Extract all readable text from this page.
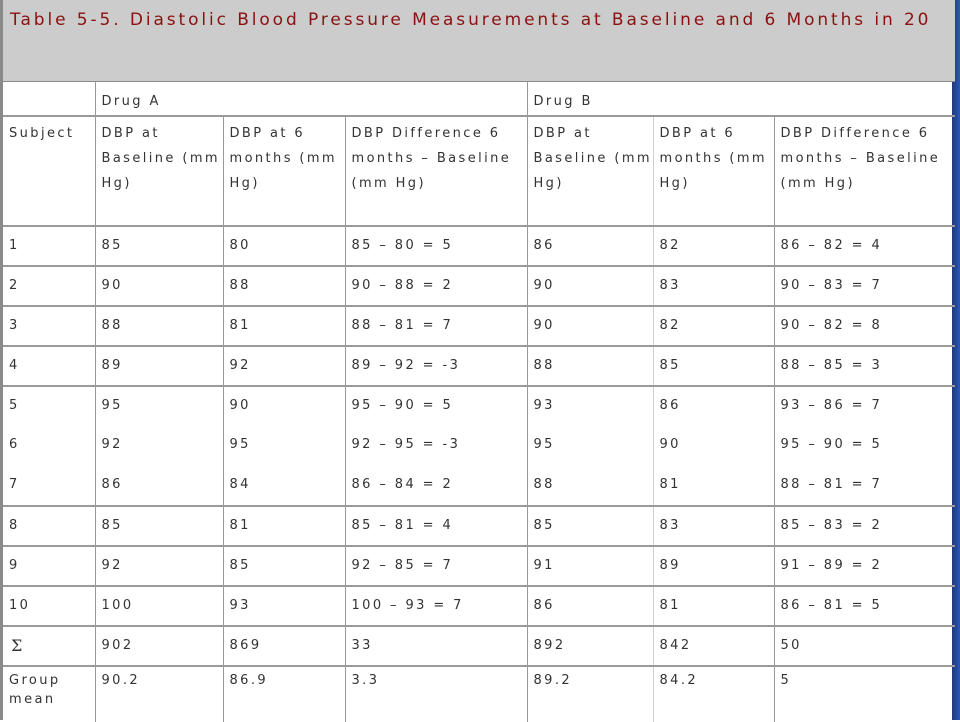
Table 5-5. Diastolic Blood Pressure Measurements at Baseline and 6 Months in 20
	Drug A			Drug B		
Subject	DBP at Baseline (mm Hg)	DBP at 6 months (mm Hg)	DBP Difference 6 months – Baseline (mm Hg)	DBP at Baseline (mm Hg)	DBP at 6 months (mm Hg)	DBP Difference 6 months – Baseline (mm Hg)
1	85	80	85 – 80 = 5	86	82	86 – 82 = 4
2	90	88	90 – 88 = 2	90	83	90 – 83 = 7
3	88	81	88 – 81 = 7	90	82	90 – 82 = 8
4	89	92	89 – 92 = -3	88	85	88 – 85 = 3
5	95	90	95 – 90 = 5	93	86	93 – 86 = 7
6	92	95	92 – 95 = -3	95	90	95 – 90 = 5
7	86	84	86 – 84 = 2	88	81	88 – 81 = 7
8	85	81	85 – 81 = 4	85	83	85 – 83 = 2
9	92	85	92 – 85 = 7	91	89	91 – 89 = 2
10	100	93	100 – 93 = 7	86	81	86 – 81 = 5
Σ	902	869	33	892	842	50
Group mean	90.2	86.9	3.3	89.2	84.2	5
